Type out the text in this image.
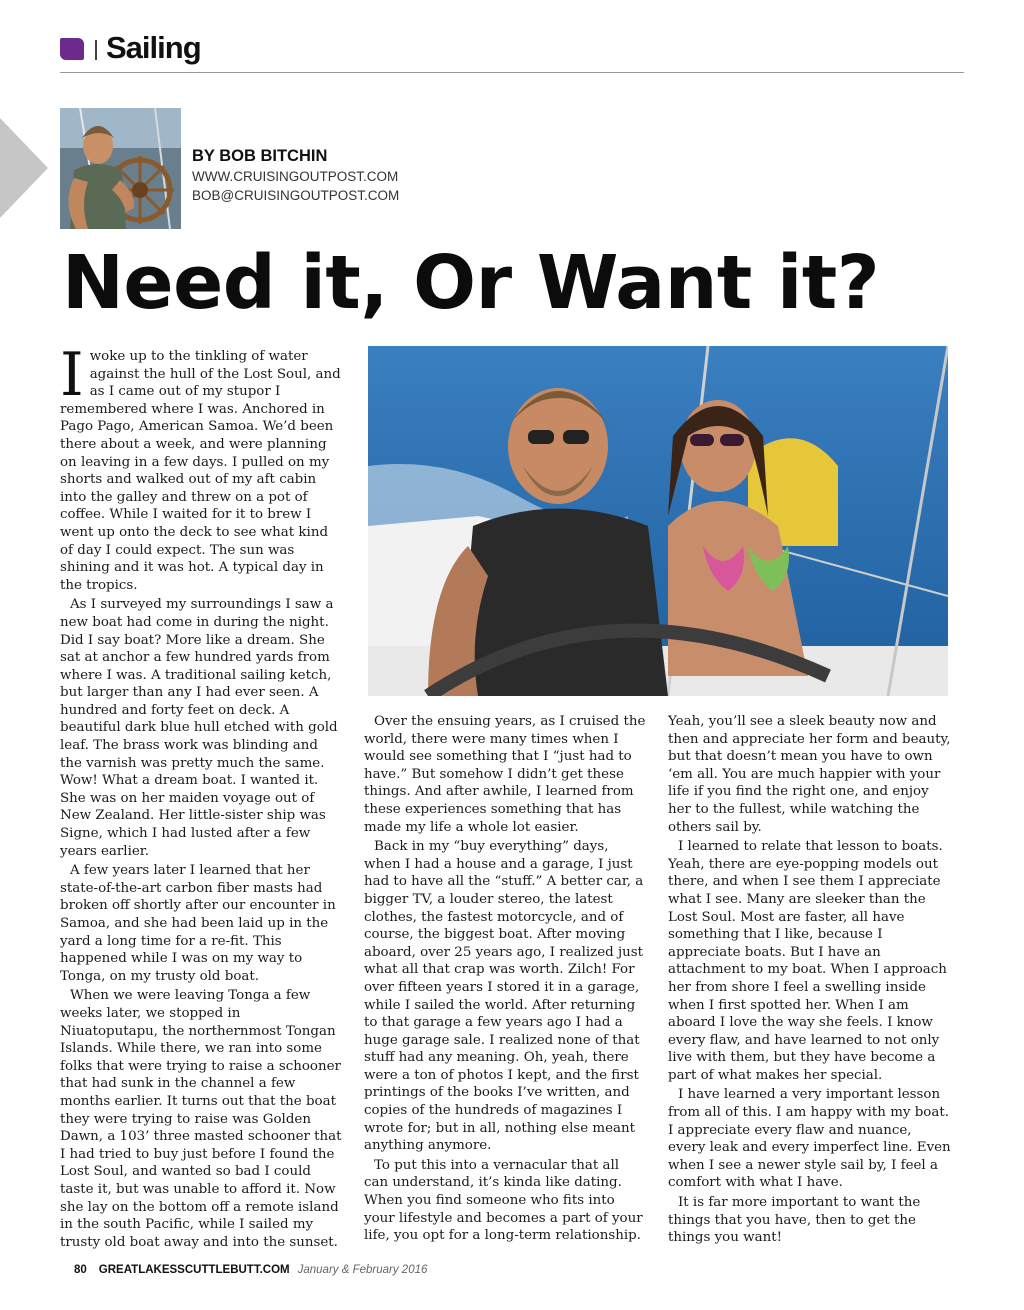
Sailing
BY BOB BITCHIN
WWW.CRUISINGOUTPOST.COM
BOB@CRUISINGOUTPOST.COM
Need it, Or Want it?

Iwoke up to the tinkling of water against the hull of the Lost Soul, and as I came out of my stupor I remembered where I was. Anchored in Pago Pago, American Samoa. We’d been there about a week, and were planning on leaving in a few days. I pulled on my shorts and walked out of my aft cabin into the galley and threw on a pot of coffee. While I waited for it to brew I went up onto the deck to see what kind of day I could expect. The sun was shining and it was hot. A typical day in the tropics.

As I surveyed my surroundings I saw a new boat had come in during the night. Did I say boat? More like a dream. She sat at anchor a few hundred yards from where I was. A traditional sailing ketch, but larger than any I had ever seen. A hundred and forty feet on deck. A beautiful dark blue hull etched with gold leaf. The brass work was blinding and the varnish was pretty much the same. Wow! What a dream boat. I wanted it. She was on her maiden voyage out of New Zealand. Her little-sister ship was Signe, which I had lusted after a few years earlier.

A few years later I learned that her state-of-the-art carbon fiber masts had broken off shortly after our encounter in Samoa, and she had been laid up in the yard a long time for a re-fit. This happened while I was on my way to Tonga, on my trusty old boat.

When we were leaving Tonga a few weeks later, we stopped in Niuatoputapu, the northernmost Tongan Islands. While there, we ran into some folks that were trying to raise a schooner that had sunk in the channel a few months earlier. It turns out that the boat they were trying to raise was Golden Dawn, a 103’ three masted schooner that I had tried to buy just before I found the Lost Soul, and wanted so bad I could taste it, but was unable to afford it. Now she lay on the bottom off a remote island in the south Pacific, while I sailed my trusty old boat away and into the sunset.

Over the ensuing years, as I cruised the world, there were many times when I would see something that I “just had to have.” But somehow I didn’t get these things. And after awhile, I learned from these experiences something that has made my life a whole lot easier.

Back in my “buy everything” days, when I had a house and a garage, I just had to have all the “stuff.” A better car, a bigger TV, a louder stereo, the latest clothes, the fastest motorcycle, and of course, the biggest boat. After moving aboard, over 25 years ago, I realized just what all that crap was worth. Zilch! For over fifteen years I stored it in a garage, while I sailed the world. After returning to that garage a few years ago I had a huge garage sale. I realized none of that stuff had any meaning. Oh, yeah, there were a ton of photos I kept, and the first printings of the books I’ve written, and copies of the hundreds of magazines I wrote for; but in all, nothing else meant anything anymore.

To put this into a vernacular that all can understand, it’s kinda like dating. When you find someone who fits into your lifestyle and becomes a part of your life, you opt for a long-term relationship.

Yeah, you’ll see a sleek beauty now and then and appreciate her form and beauty, but that doesn’t mean you have to own ‘em all. You are much happier with your life if you find the right one, and enjoy her to the fullest, while watching the others sail by.

I learned to relate that lesson to boats. Yeah, there are eye-popping models out there, and when I see them I appreciate what I see. Many are sleeker than the Lost Soul. Most are faster, all have something that I like, because I appreciate boats. But I have an attachment to my boat. When I approach her from shore I feel a swelling inside when I first spotted her. When I am aboard I love the way she feels. I know every flaw, and have learned to not only live with them, but they have become a part of what makes her special.

I have learned a very important lesson from all of this. I am happy with my boat. I appreciate every flaw and nuance, every leak and every imperfect line. Even when I see a newer style sail by, I feel a comfort with what I have.

It is far more important to want the things that you have, then to get the things you want!

80 GREATLAKESSCUTTLEBUTT.COM January & February 2016
